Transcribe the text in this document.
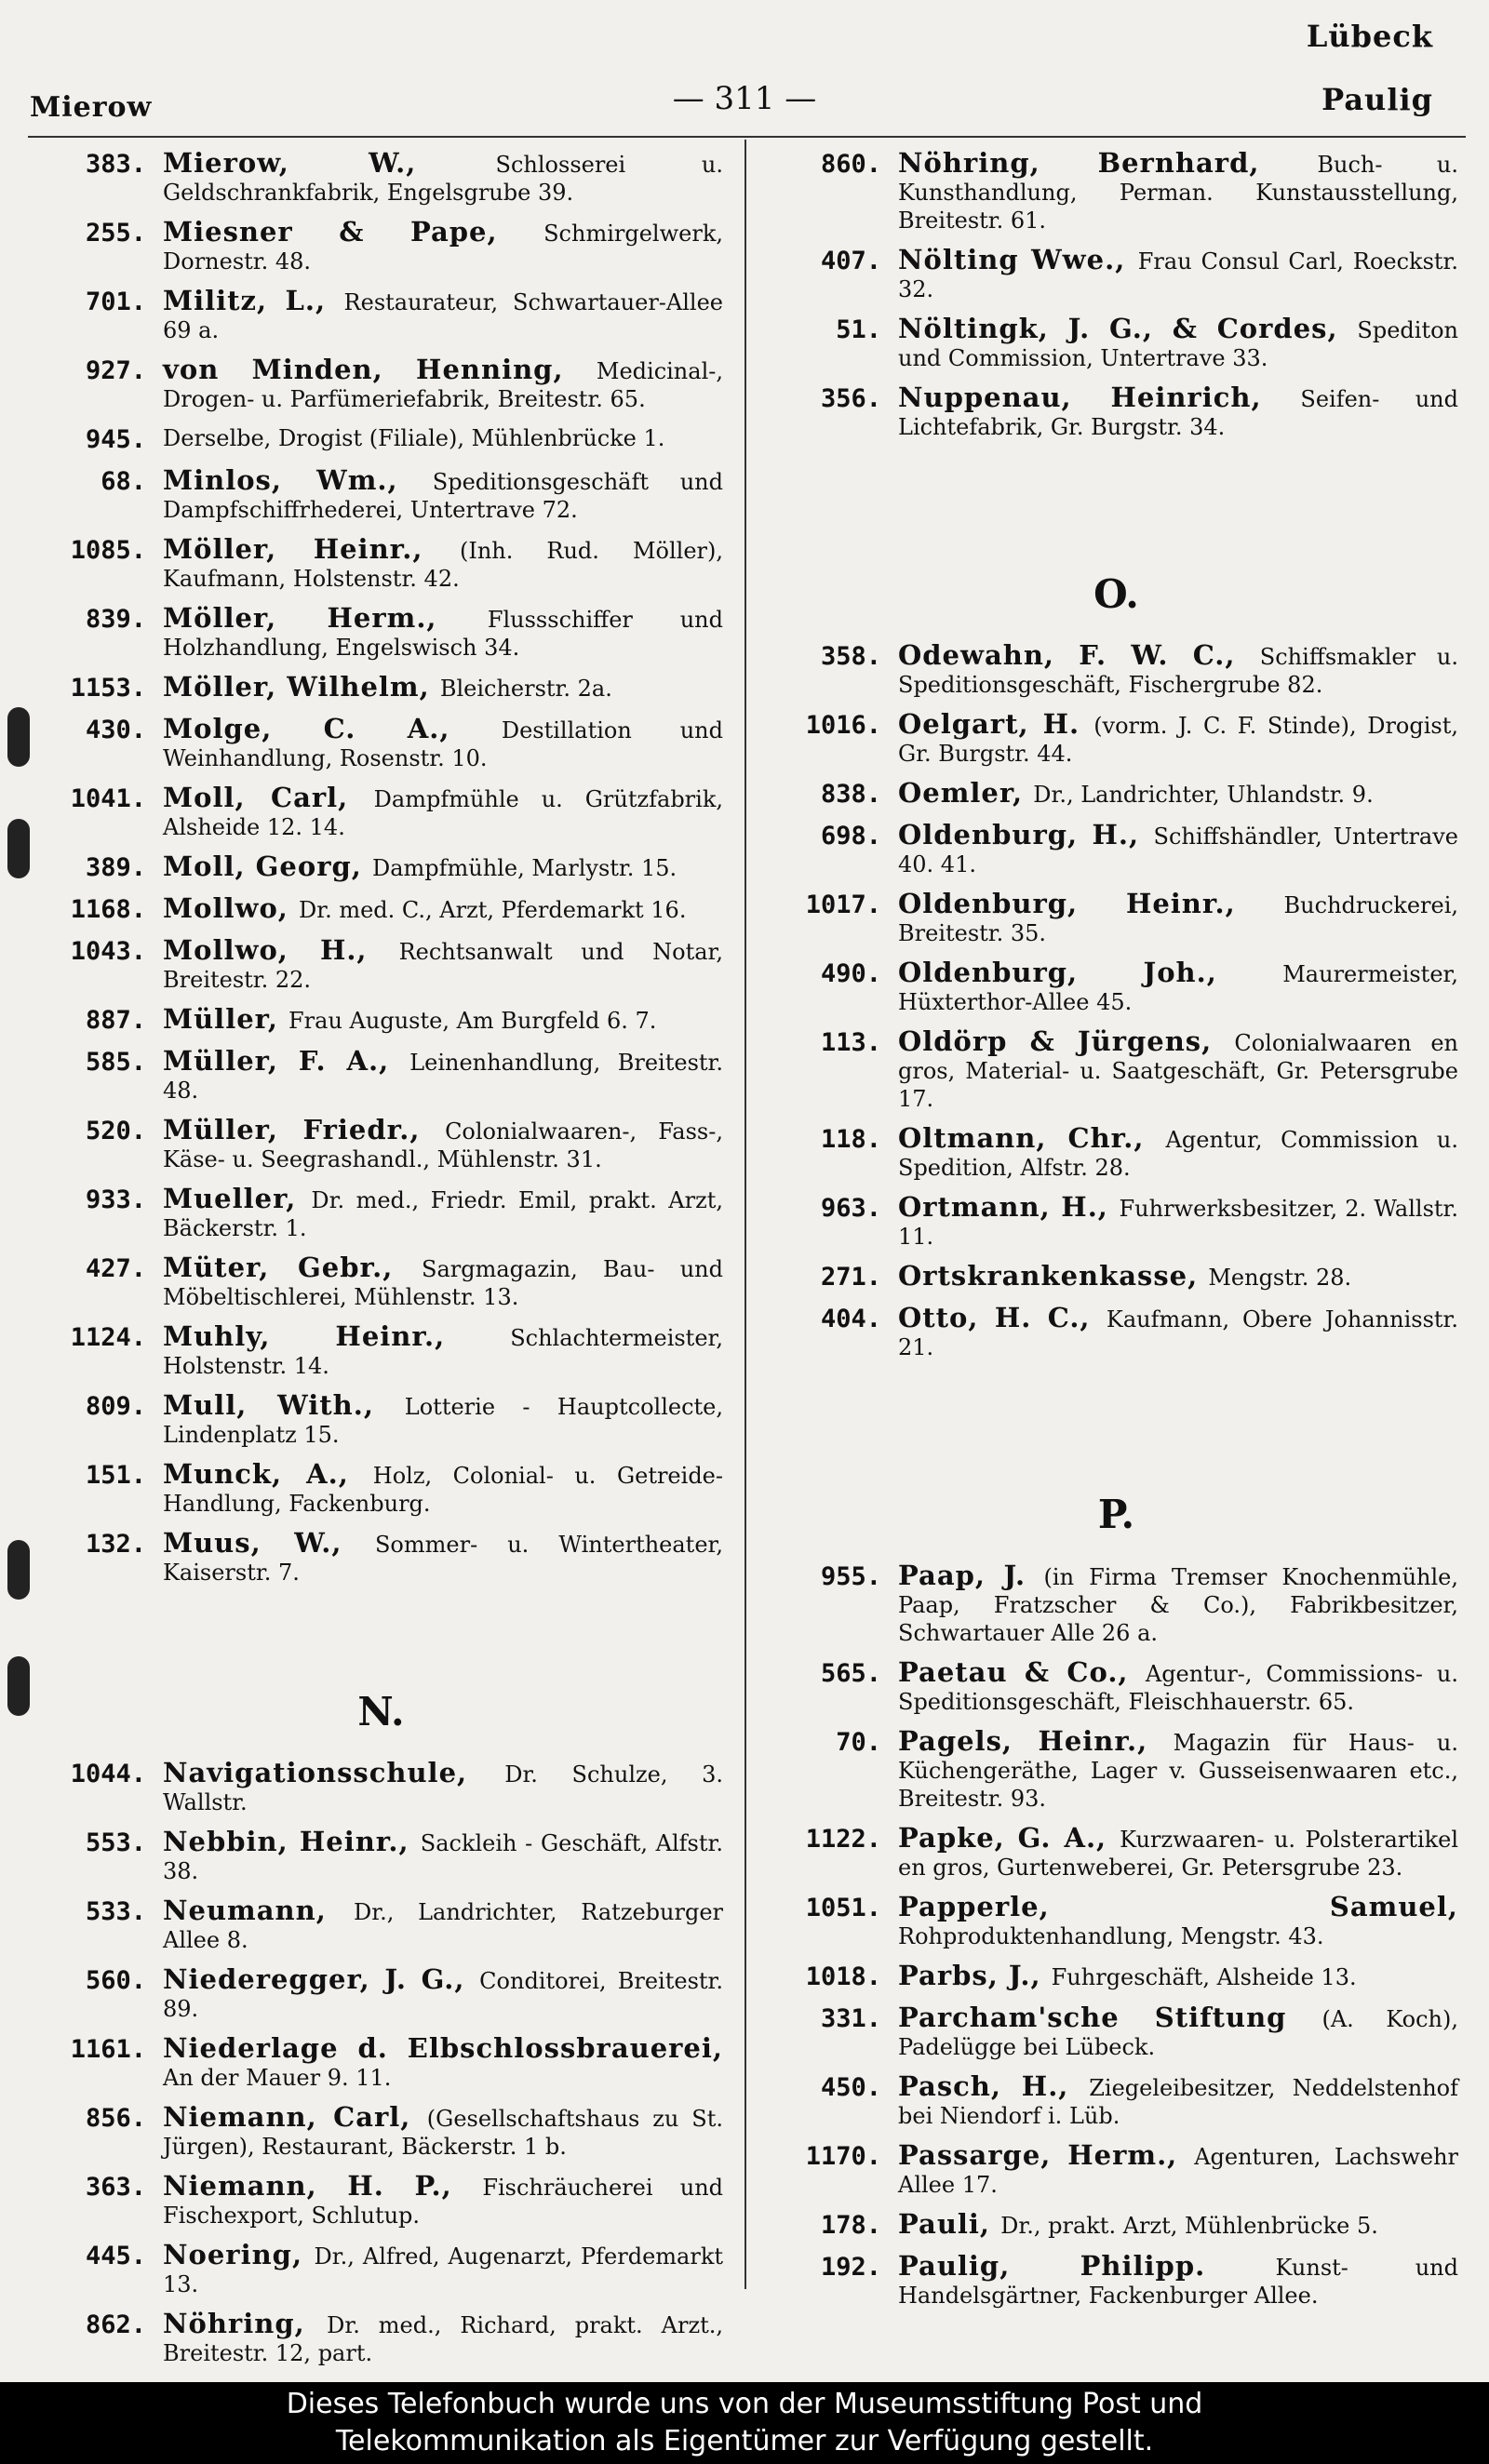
Lübeck
Mierow	— 311 —	Paulig
383. Mierow, W., Schlosserei u. Geldschrankfabrik, Engelsgrube 39.
255. Miesner & Pape, Schmirgelwerk, Dornestr. 48.
701. Militz, L., Restaurateur, Schwartauer-Allee 69 a.
927. von Minden, Henning, Medicinal-, Drogen- u. Parfümeriefabrik, Breitestr. 65.
945. Derselbe, Drogist (Filiale), Mühlenbrücke 1.
68. Minlos, Wm., Speditionsgeschäft und Dampfschiffrhederei, Untertrave 72.
1085. Möller, Heinr., (Inh. Rud. Möller), Kaufmann, Holstenstr. 42.
839. Möller, Herm., Flussschiffer und Holzhandlung, Engelswisch 34.
1153. Möller, Wilhelm, Bleicherstr. 2a.
430. Molge, C. A., Destillation und Weinhandlung, Rosenstr. 10.
1041. Moll, Carl, Dampfmühle u. Grützfabrik, Alsheide 12. 14.
389. Moll, Georg, Dampfmühle, Marlystr. 15.
1168. Mollwo, Dr. med. C., Arzt, Pferdemarkt 16.
1043. Mollwo, H., Rechtsanwalt und Notar, Breitestr. 22.
887. Müller, Frau Auguste, Am Burgfeld 6. 7.
585. Müller, F. A., Leinenhandlung, Breitestr. 48.
520. Müller, Friedr., Colonialwaaren-, Fass-, Käse- u. Seegrashandl., Mühlenstr. 31.
933. Mueller, Dr. med., Friedr. Emil, prakt. Arzt, Bäckerstr. 1.
427. Müter, Gebr., Sargmagazin, Bau- und Möbeltischlerei, Mühlenstr. 13.
1124. Muhly, Heinr., Schlachtermeister, Holstenstr. 14.
809. Mull, With., Lotterie - Hauptcollecte, Lindenplatz 15.
151. Munck, A., Holz, Colonial- u. Getreide-Handlung, Fackenburg.
132. Muus, W., Sommer- u. Wintertheater, Kaiserstr. 7.
N.
1044. Navigationsschule, Dr. Schulze, 3. Wallstr.
553. Nebbin, Heinr., Sackleih - Geschäft, Alfstr. 38.
533. Neumann, Dr., Landrichter, Ratzeburger Allee 8.
560. Niederegger, J. G., Conditorei, Breitestr. 89.
1161. Niederlage d. Elbschlossbrauerei, An der Mauer 9. 11.
856. Niemann, Carl, (Gesellschaftshaus zu St. Jürgen), Restaurant, Bäckerstr. 1 b.
363. Niemann, H. P., Fischräucherei und Fischexport, Schlutup.
445. Noering, Dr., Alfred, Augenarzt, Pferdemarkt 13.
862. Nöhring, Dr. med., Richard, prakt. Arzt., Breitestr. 12, part.
860. Nöhring, Bernhard, Buch- u. Kunsthandlung, Perman. Kunstausstellung, Breitestr. 61.
407. Nölting Wwe., Frau Consul Carl, Roeckstr. 32.
51. Nöltingk, J. G., & Cordes, Spediton und Commission, Untertrave 33.
356. Nuppenau, Heinrich, Seifen- und Lichtefabrik, Gr. Burgstr. 34.
O.
358. Odewahn, F. W. C., Schiffsmakler u. Speditionsgeschäft, Fischergrube 82.
1016. Oelgart, H. (vorm. J. C. F. Stinde), Drogist, Gr. Burgstr. 44.
838. Oemler, Dr., Landrichter, Uhlandstr. 9.
698. Oldenburg, H., Schiffshändler, Untertrave 40. 41.
1017. Oldenburg, Heinr., Buchdruckerei, Breitestr. 35.
490. Oldenburg, Joh., Maurermeister, Hüxterthor-Allee 45.
113. Oldörp & Jürgens, Colonialwaaren en gros, Material- u. Saatgeschäft, Gr. Petersgrube 17.
118. Oltmann, Chr., Agentur, Commission u. Spedition, Alfstr. 28.
963. Ortmann, H., Fuhrwerksbesitzer, 2. Wallstr. 11.
271. Ortskrankenkasse, Mengstr. 28.
404. Otto, H. C., Kaufmann, Obere Johannisstr. 21.
P.
955. Paap, J. (in Firma Tremser Knochenmühle, Paap, Fratzscher & Co.), Fabrikbesitzer, Schwartauer Alle 26 a.
565. Paetau & Co., Agentur-, Commissions- u. Speditionsgeschäft, Fleischhauerstr. 65.
70. Pagels, Heinr., Magazin für Haus- u. Küchengeräthe, Lager v. Gusseisenwaaren etc., Breitestr. 93.
1122. Papke, G. A., Kurzwaaren- u. Polsterartikel en gros, Gurtenweberei, Gr. Petersgrube 23.
1051. Papperle, Samuel, Rohproduktenhandlung, Mengstr. 43.
1018. Parbs, J., Fuhrgeschäft, Alsheide 13.
331. Parcham'sche Stiftung (A. Koch), Padelügge bei Lübeck.
450. Pasch, H., Ziegeleibesitzer, Neddelstenhof bei Niendorf i. Lüb.
1170. Passarge, Herm., Agenturen, Lachswehr Allee 17.
178. Pauli, Dr., prakt. Arzt, Mühlenbrücke 5.
192. Paulig, Philipp. Kunst- und Handelsgärtner, Fackenburger Allee.
Dieses Telefonbuch wurde uns von der Museumsstiftung Post und
Telekommunikation als Eigentümer zur Verfügung gestellt.
